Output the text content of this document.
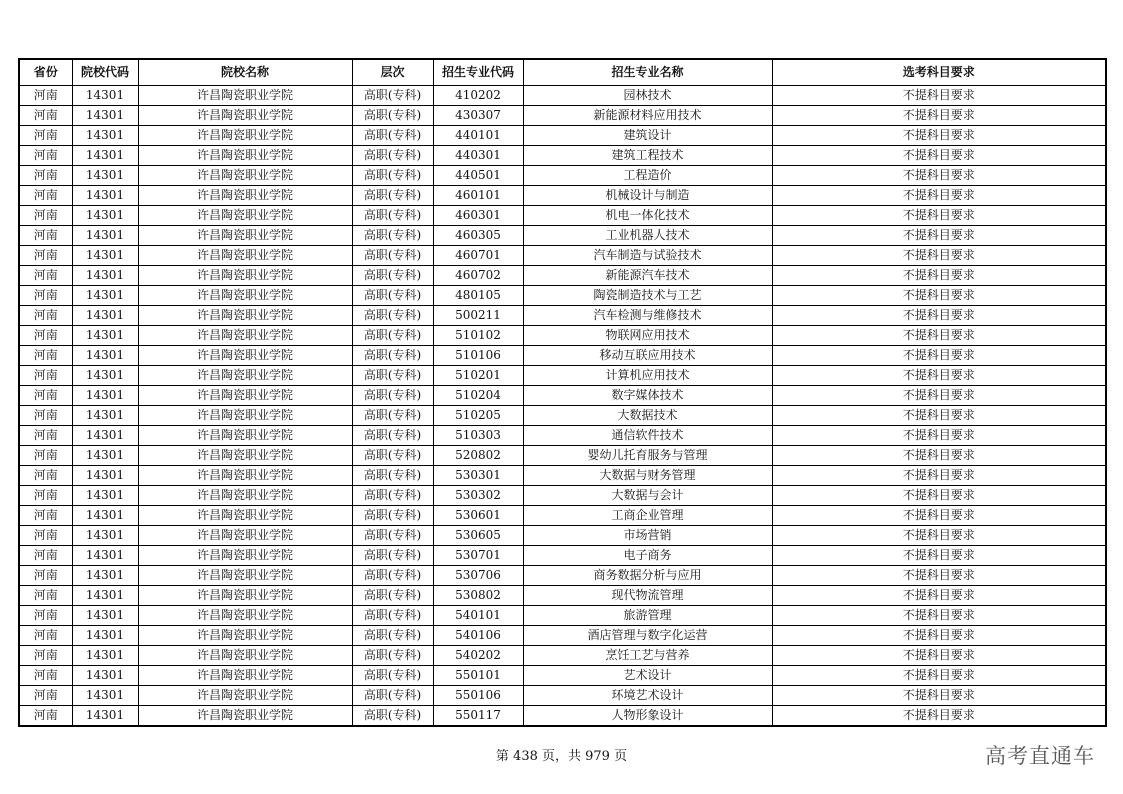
省份	院校代码	院校名称	层次	招生专业代码	招生专业名称	选考科目要求
河南	14301	许昌陶瓷职业学院	高职(专科)	410202	园林技术	不提科目要求
河南	14301	许昌陶瓷职业学院	高职(专科)	430307	新能源材料应用技术	不提科目要求
河南	14301	许昌陶瓷职业学院	高职(专科)	440101	建筑设计	不提科目要求
河南	14301	许昌陶瓷职业学院	高职(专科)	440301	建筑工程技术	不提科目要求
河南	14301	许昌陶瓷职业学院	高职(专科)	440501	工程造价	不提科目要求
河南	14301	许昌陶瓷职业学院	高职(专科)	460101	机械设计与制造	不提科目要求
河南	14301	许昌陶瓷职业学院	高职(专科)	460301	机电一体化技术	不提科目要求
河南	14301	许昌陶瓷职业学院	高职(专科)	460305	工业机器人技术	不提科目要求
河南	14301	许昌陶瓷职业学院	高职(专科)	460701	汽车制造与试验技术	不提科目要求
河南	14301	许昌陶瓷职业学院	高职(专科)	460702	新能源汽车技术	不提科目要求
河南	14301	许昌陶瓷职业学院	高职(专科)	480105	陶瓷制造技术与工艺	不提科目要求
河南	14301	许昌陶瓷职业学院	高职(专科)	500211	汽车检测与维修技术	不提科目要求
河南	14301	许昌陶瓷职业学院	高职(专科)	510102	物联网应用技术	不提科目要求
河南	14301	许昌陶瓷职业学院	高职(专科)	510106	移动互联应用技术	不提科目要求
河南	14301	许昌陶瓷职业学院	高职(专科)	510201	计算机应用技术	不提科目要求
河南	14301	许昌陶瓷职业学院	高职(专科)	510204	数字媒体技术	不提科目要求
河南	14301	许昌陶瓷职业学院	高职(专科)	510205	大数据技术	不提科目要求
河南	14301	许昌陶瓷职业学院	高职(专科)	510303	通信软件技术	不提科目要求
河南	14301	许昌陶瓷职业学院	高职(专科)	520802	婴幼儿托育服务与管理	不提科目要求
河南	14301	许昌陶瓷职业学院	高职(专科)	530301	大数据与财务管理	不提科目要求
河南	14301	许昌陶瓷职业学院	高职(专科)	530302	大数据与会计	不提科目要求
河南	14301	许昌陶瓷职业学院	高职(专科)	530601	工商企业管理	不提科目要求
河南	14301	许昌陶瓷职业学院	高职(专科)	530605	市场营销	不提科目要求
河南	14301	许昌陶瓷职业学院	高职(专科)	530701	电子商务	不提科目要求
河南	14301	许昌陶瓷职业学院	高职(专科)	530706	商务数据分析与应用	不提科目要求
河南	14301	许昌陶瓷职业学院	高职(专科)	530802	现代物流管理	不提科目要求
河南	14301	许昌陶瓷职业学院	高职(专科)	540101	旅游管理	不提科目要求
河南	14301	许昌陶瓷职业学院	高职(专科)	540106	酒店管理与数字化运营	不提科目要求
河南	14301	许昌陶瓷职业学院	高职(专科)	540202	烹饪工艺与营养	不提科目要求
河南	14301	许昌陶瓷职业学院	高职(专科)	550101	艺术设计	不提科目要求
河南	14301	许昌陶瓷职业学院	高职(专科)	550106	环境艺术设计	不提科目要求
河南	14301	许昌陶瓷职业学院	高职(专科)	550117	人物形象设计	不提科目要求
第 438 页，共 979 页	高考直通车
